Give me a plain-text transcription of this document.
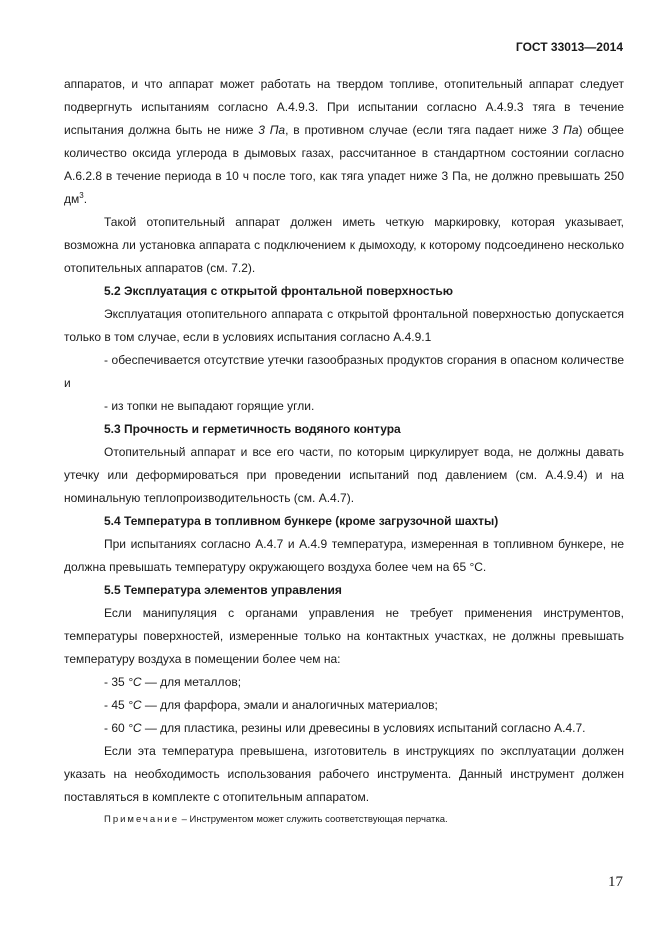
ГОСТ 33013—2014

аппаратов, и что аппарат может работать на твердом топливе, отопительный аппарат следует подвергнуть испытаниям согласно А.4.9.3. При испытании согласно А.4.9.3 тяга в течение испытания должна быть не ниже 3 Па, в противном случае (если тяга падает ниже 3 Па) общее количество оксида углерода в дымовых газах, рассчитанное в стандартном состоянии согласно А.6.2.8 в течение периода в 10 ч после того, как тяга упадет ниже 3 Па, не должно превышать 250 $дм^3$.

Такой отопительный аппарат должен иметь четкую маркировку, которая указывает, возможна ли установка аппарата с подключением к дымоходу, к которому подсоединено несколько отопительных аппаратов (см. 7.2).

5.2 Эксплуатация с открытой фронтальной поверхностью

Эксплуатация отопительного аппарата с открытой фронтальной поверхностью допускается только в том случае, если в условиях испытания согласно А.4.9.1

- обеспечивается отсутствие утечки газообразных продуктов сгорания в опасном количестве и

- из топки не выпадают горящие угли.

5.3 Прочность и герметичность водяного контура

Отопительный аппарат и все его части, по которым циркулирует вода, не должны давать утечку или деформироваться при проведении испытаний под давлением (см. А.4.9.4) и на номинальную теплопроизводительность (см. А.4.7).

5.4 Температура в топливном бункере (кроме загрузочной шахты)

При испытаниях согласно А.4.7 и А.4.9 температура, измеренная в топливном бункере, не должна превышать температуру окружающего воздуха более чем на 65 °C.

5.5 Температура элементов управления

Если манипуляция с органами управления не требует применения инструментов, температуры поверхностей, измеренные только на контактных участках, не должны превышать температуру воздуха в помещении более чем на:

- 35 °C — для металлов;

- 45 °C — для фарфора, эмали и аналогичных материалов;

- 60 °C — для пластика, резины или древесины в условиях испытаний согласно А.4.7.

Если эта температура превышена, изготовитель в инструкциях по эксплуатации должен указать на необходимость использования рабочего инструмента. Данный инструмент должен поставляться в комплекте с отопительным аппаратом.

Примечание – Инструментом может служить соответствующая перчатка.

17
